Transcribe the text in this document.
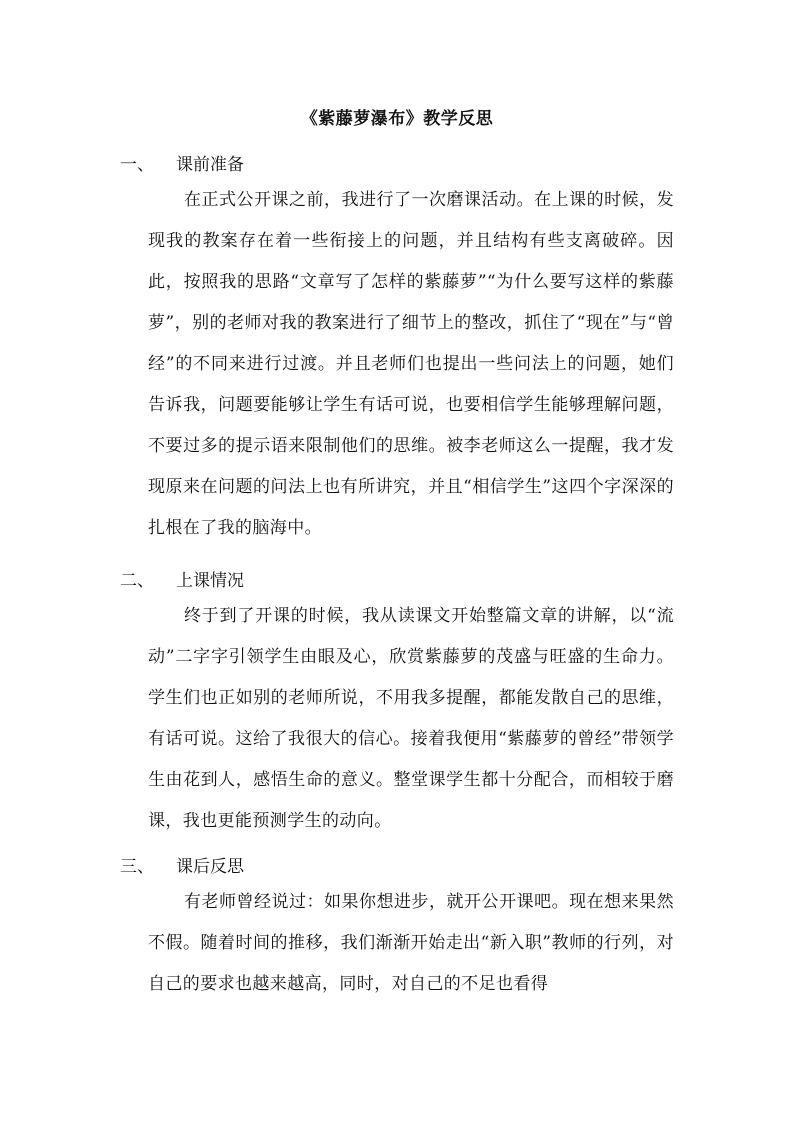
《紫藤萝瀑布》教学反思
一、 课前准备
在正式公开课之前，我进行了一次磨课活动。在上课的时候，发现我的教案存在着一些衔接上的问题，并且结构有些支离破碎。因此，按照我的思路“文章写了怎样的紫藤萝”“为什么要写这样的紫藤萝”，别的老师对我的教案进行了细节上的整改，抓住了“现在”与“曾经”的不同来进行过渡。并且老师们也提出一些问法上的问题，她们告诉我，问题要能够让学生有话可说，也要相信学生能够理解问题，不要过多的提示语来限制他们的思维。被李老师这么一提醒，我才发现原来在问题的问法上也有所讲究，并且“相信学生”这四个字深深的扎根在了我的脑海中。
二、 上课情况
终于到了开课的时候，我从读课文开始整篇文章的讲解，以“流动”二字字引领学生由眼及心，欣赏紫藤萝的茂盛与旺盛的生命力。学生们也正如别的老师所说，不用我多提醒，都能发散自己的思维，有话可说。这给了我很大的信心。接着我便用“紫藤萝的曾经”带领学生由花到人，感悟生命的意义。整堂课学生都十分配合，而相较于磨课，我也更能预测学生的动向。
三、 课后反思
有老师曾经说过：如果你想进步，就开公开课吧。现在想来果然不假。随着时间的推移，我们渐渐开始走出“新入职”教师的行列，对自己的要求也越来越高，同时，对自己的不足也看得
